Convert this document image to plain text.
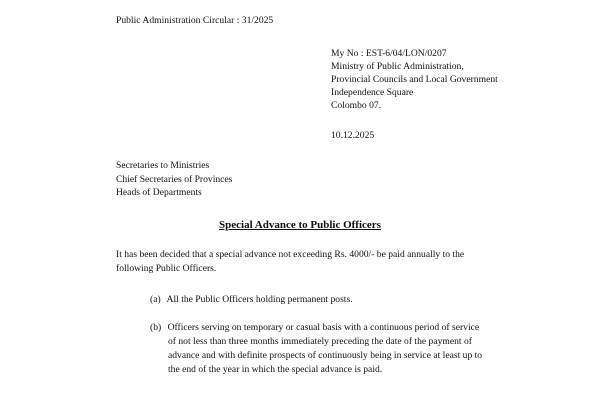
Public Administration Circular : 31/2025
My No : EST-6/04/LON/0207
Ministry of Public Administration,
Provincial Councils and Local Government
Independence Square
Colombo 07.
10.12.2025
Secretaries to Ministries
Chief Secretaries of Provinces
Heads of Departments
Special Advance to Public Officers
It has been decided that a special advance not exceeding Rs. 4000/- be paid annually to the
following Public Officers.
(a) All the Public Officers holding permanent posts.
(b) Officers serving on temporary or casual basis with a continuous period of service
of not less than three months immediately preceding the date of the payment of
advance and with definite prospects of continuously being in service at least up to
the end of the year in which the special advance is paid.
